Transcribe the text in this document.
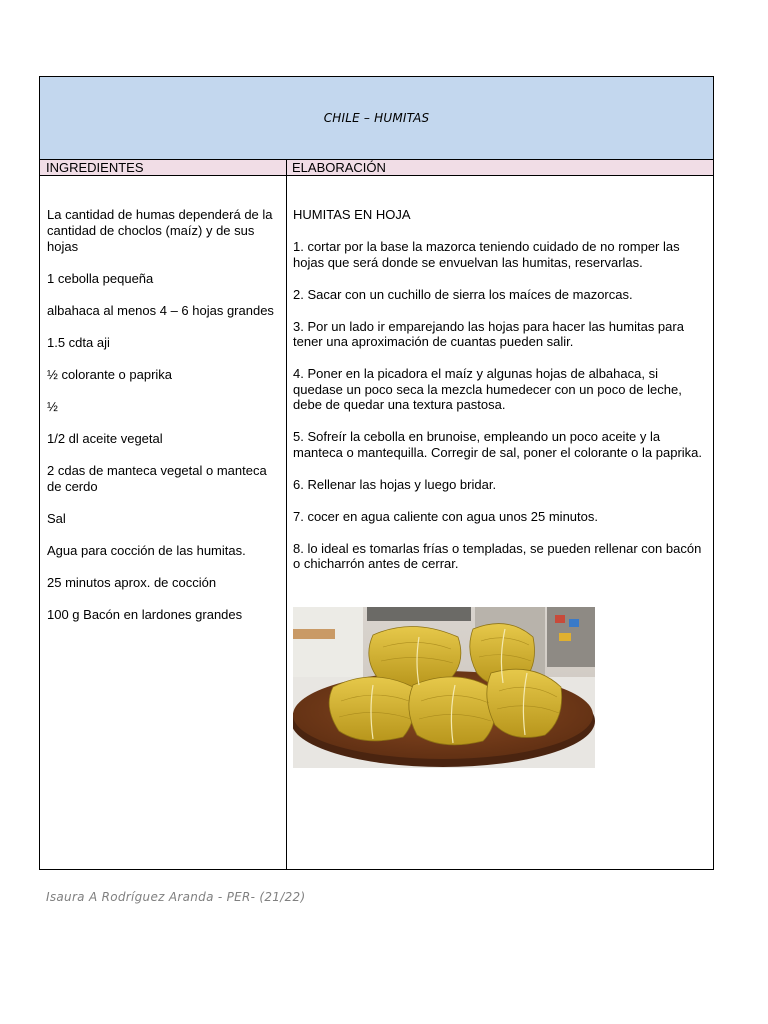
CHILE – HUMITAS
INGREDIENTES	ELABORACIÓN

La cantidad de humas dependerá de la cantidad de choclos (maíz) y de sus hojas

1 cebolla pequeña

albahaca al menos 4 – 6 hojas grandes

1.5 cdta aji

½ colorante o paprika

½

1/2 dl aceite vegetal

2 cdas de manteca vegetal o manteca de cerdo

Sal

Agua para cocción de las humitas.

25 minutos aprox. de cocción

100 g Bacón en lardones grandes

HUMITAS EN HOJA

1. cortar por la base la mazorca teniendo cuidado de no romper las hojas que será donde se envuelvan las humitas, reservarlas.

2. Sacar con un cuchillo de sierra los maíces de mazorcas.

3. Por un lado ir emparejando las hojas para hacer las humitas para tener una aproximación de cuantas pueden salir.

4. Poner en la picadora el maíz y algunas hojas de albahaca, si quedase un poco seca la mezcla humedecer con un poco de leche, debe de quedar una textura pastosa.

5. Sofreír la cebolla en brunoise, empleando un poco aceite y la manteca o mantequilla. Corregir de sal, poner el colorante o la paprika.

6. Rellenar las hojas y luego bridar.

7. cocer en agua caliente con agua unos 25 minutos.

8. lo ideal es tomarlas frías o templadas, se pueden rellenar con bacón o chicharrón antes de cerrar.

Isaura A Rodríguez Aranda - PER- (21/22)
